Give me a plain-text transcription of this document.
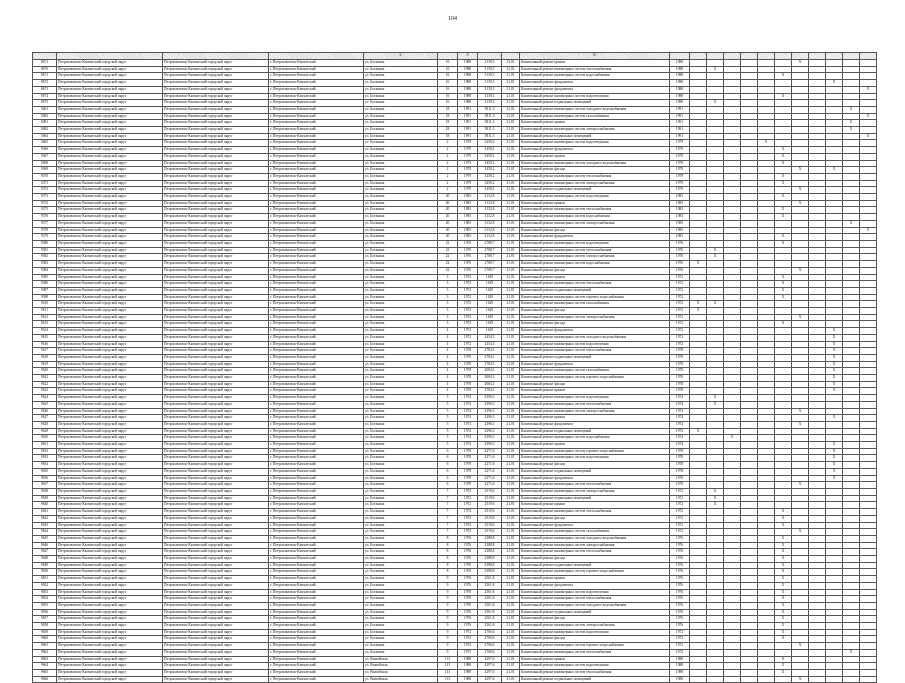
104
				4		8			10												
8671	Петропавловск-Камчатский городской округ	Петропавловск-Камчатский городской округ	г. Петропавловск-Камчатский	ул. Ботаника	16	1988	3139,3	21,01	Капитальный ремонт крыши	1988							X				
8670	Петропавловск-Камчатский городской округ	Петропавловск-Камчатский городской округ	г. Петропавловск-Камчатский	ул. Ботаника	16	1988	3139,3	21,01	Капитальный ремонт инженерных систем теплоснабжения	1988		X									
8671	Петропавловск-Камчатский городской округ	Петропавловск-Камчатский городской округ	г. Петропавловск-Камчатский	ул. Ботаника	16	1988	3139,3	21,01	Капитальный ремонт инженерных систем водоснабжения	1988						X					
8672	Петропавловск-Камчатский городской округ	Петропавловск-Камчатский городской округ	г. Петропавловск-Камчатский	ул. Ботаника	16	1988	3139,3	21,01	Капитальный ремонт фундамента	1988									X		
8673	Петропавловск-Камчатский городской округ	Петропавловск-Камчатский городской округ	г. Петропавловск-Камчатский	ул. Ботаника	16	1988	3139,3	21,01	Капитальный ремонт фундамента	1988											X
8674	Петропавловск-Камчатский городской округ	Петропавловск-Камчатский городской округ	г. Петропавловск-Камчатский	ул. Ботаника	16	1988	3139,3	21,01	Капитальный ремонт инженерных систем водоотведения	1988						X					
8675	Петропавловск-Камчатский городской округ	Петропавловск-Камчатский городской округ	г. Петропавловск-Камчатский	ул. Ботаника	16	1988	3139,3	21,01	Капитальный ремонт подвальных помещений	1988		X									
5601	Петропавловск-Камчатский городской округ	Петропавловск-Камчатский городской округ	г. Петропавловск-Камчатский	ул. Ботаника	18	1991	5811,3	21,01	Капитальный ремонт инженерных систем холодного водоснабжения	1991										X	
5603	Петропавловск-Камчатский городской округ	Петропавловск-Камчатский городской округ	г. Петропавловск-Камчатский	ул. Ботаника	18	1991	5811,3	21,01	Капитальный ремонт инженерных систем газоснабжения	1991											X
9481	Петропавловск-Камчатский городской округ	Петропавловск-Камчатский городской округ	г. Петропавловск-Камчатский	ул. Ботаника	18	1991	5811,3	21,01	Капитальный ремонт крыши	1991										X	
9482	Петропавловск-Камчатский городской округ	Петропавловск-Камчатский городской округ	г. Петропавловск-Камчатский	ул. Ботаника	18	1991	5811,3	21,01	Капитальный ремонт инженерных систем электроснабжения	1991										X	
3664	Петропавловск-Камчатский городской округ	Петропавловск-Камчатский городской округ	г. Петропавловск-Камчатский	ул. Ботаника	18	1991	5811,3	21,01	Капитальный ремонт подвальных помещений	1991											X
3665	Петропавловск-Камчатский городской округ	Петропавловск-Камчатский городской округ	г. Петропавловск-Камчатский	ул. Ботаника	2	1979	3458,2	21,01	Капитальный ремонт инженерных систем водоотведения	1979					X						
9366	Петропавловск-Камчатский городской округ	Петропавловск-Камчатский городской округ	г. Петропавловск-Камчатский	ул. Ботаника	2	1979	3458,2	21,01	Капитальный ремонт фундамента	1979						X					
9367	Петропавловск-Камчатский городской округ	Петропавловск-Камчатский городской округ	г. Петропавловск-Камчатский	ул. Ботаника	2	1979	3458,2	21,01	Капитальный ремонт крыши	1979						X					
9368	Петропавловск-Камчатский городской округ	Петропавловск-Камчатский городской округ	г. Петропавловск-Камчатский	ул. Ботаника	2	1979	3458,2	21,01	Капитальный ремонт инженерных систем холодного водоснабжения	1979						X					
9369	Петропавловск-Камчатский городской округ	Петропавловск-Камчатский городской округ	г. Петропавловск-Камчатский	ул. Ботаника	2	1979	3458,2	21,01	Капитальный ремонт фасада	1979							X		X		
9370	Петропавловск-Камчатский городской округ	Петропавловск-Камчатский городской округ	г. Петропавловск-Камчатский	ул. Ботаника	2	1979	3458,2	21,01	Капитальный ремонт инженерных систем теплоснабжения	1979						X					
3371	Петропавловск-Камчатский городской округ	Петропавловск-Камчатский городской округ	г. Петропавловск-Камчатский	ул. Ботаника	2	1979	3458,2	21,01	Капитальный ремонт инженерных систем электроснабжения	1979						X					
9372	Петропавловск-Камчатский городской округ	Петропавловск-Камчатский городской округ	г. Петропавловск-Камчатский	ул. Ботаника	2	1979	3458,2	21,01	Капитальный ремонт подвальных помещений	1979							X				
9373	Петропавловск-Камчатский городской округ	Петропавловск-Камчатский городской округ	г. Петропавловск-Камчатский	ул. Ботаника	20	1983	3132,8	21,01	Капитальный ремонт инженерных систем водоотведения	1983						X					
9374	Петропавловск-Камчатский городской округ	Петропавловск-Камчатский городской округ	г. Петропавловск-Камчатский	ул. Ботаника	20	1983	3132,8	21,01	Капитальный ремонт крыши	1983							X				
9375	Петропавловск-Камчатский городской округ	Петропавловск-Камчатский городской округ	г. Петропавловск-Камчатский	ул. Ботаника	20	1983	3132,8	21,01	Капитальный ремонт инженерных систем теплоснабжения	1983						X					
9376	Петропавловск-Камчатский городской округ	Петропавловск-Камчатский городской округ	г. Петропавловск-Камчатский	ул. Ботаника	20	1983	3132,8	21,01	Капитальный ремонт инженерных систем водоснабжения	1983						X					
9377	Петропавловск-Камчатский городской округ	Петропавловск-Камчатский городской округ	г. Петропавловск-Камчатский	ул. Ботаника	20	1983	3132,8	21,01	Капитальный ремонт инженерных систем электроснабжения	1983										X	
9378	Петропавловск-Камчатский городской округ	Петропавловск-Камчатский городской округ	г. Петропавловск-Камчатский	ул. Ботаника	20	1983	3132,8	21,01	Капитальный ремонт фасада	1983											X
9379	Петропавловск-Камчатский городской округ	Петропавловск-Камчатский городской округ	г. Петропавловск-Камчатский	ул. Ботаника	20	1983	3132,8	21,01	Капитальный ремонт фундамента	1983						X					
9380	Петропавловск-Камчатский городской округ	Петропавловск-Камчатский городской округ	г. Петропавловск-Камчатский	ул. Ботаника	22	1976	2788,7	21,01	Капитальный ремонт инженерных систем водоотведения	1976						X					
9381	Петропавловск-Камчатский городской округ	Петропавловск-Камчатский городской округ	г. Петропавловск-Камчатский	ул. Ботаника	22	1976	2788,7	21,01	Капитальный ремонт инженерных систем теплоснабжения	1976		X									
9382	Петропавловск-Камчатский городской округ	Петропавловск-Камчатский городской округ	г. Петропавловск-Камчатский	ул. Ботаника	22	1976	2788,7	21,01	Капитальный ремонт инженерных систем электроснабжения	1976		X									
9383	Петропавловск-Камчатский городской округ	Петропавловск-Камчатский городской округ	г. Петропавловск-Камчатский	ул. Ботаника	22	1976	2788,7	21,01	Капитальный ремонт инженерных систем водоснабжения	1976	X										
9384	Петропавловск-Камчатский городской округ	Петропавловск-Камчатский городской округ	г. Петропавловск-Камчатский	ул. Ботаника	22	1976	2788,7	21,01	Капитальный ремонт фасада	1976							X				
9385	Петропавловск-Камчатский городской округ	Петропавловск-Камчатский городской округ	г. Петропавловск-Камчатский	ул. Ботаника	3	1972	1629	21,01	Капитальный ремонт крыши	1972						X					
9386	Петропавловск-Камчатский городской округ	Петропавловск-Камчатский городской округ	г. Петропавловск-Камчатский	ул. Ботаника	3	1972	1629	21,01	Капитальный ремонт инженерных систем теплоснабжения	1972						X					
9387	Петропавловск-Камчатский городской округ	Петропавловск-Камчатский городской округ	г. Петропавловск-Камчатский	ул. Ботаника	3	1972	1629	21,01	Капитальный ремонт подвальных помещений	1972						X					
9388	Петропавловск-Камчатский городской округ	Петропавловск-Камчатский городской округ	г. Петропавловск-Камчатский	ул. Ботаника	3	1972	1629	21,01	Капитальный ремонт инженерных систем горячего водоснабжения	1972						X					
9610	Петропавловск-Камчатский городской округ	Петропавловск-Камчатский городской округ	г. Петропавловск-Камчатский	ул. Ботаника	3	1972	1629	21,01	Капитальный ремонт инженерных систем газоснабжения	1972	X	X									
9611	Петропавловск-Камчатский городской округ	Петропавловск-Камчатский городской округ	г. Петропавловск-Камчатский	ул. Ботаника	3	1972	1629	21,01	Капитальный ремонт фасада	1972	X										
9612	Петропавловск-Камчатский городской округ	Петропавловск-Камчатский городской округ	г. Петропавловск-Камчатский	ул. Ботаника	3	1972	1629	21,01	Капитальный ремонт инженерных систем электроснабжения	1972							X				
9613	Петропавловск-Камчатский городской округ	Петропавловск-Камчатский городской округ	г. Петропавловск-Камчатский	ул. Ботаника	3	1972	1629	21,01	Капитальный ремонт фасада	1972						X					
9614	Петропавловск-Камчатский городской округ	Петропавловск-Камчатский городской округ	г. Петропавловск-Камчатский	ул. Ботаника	4	1972	1629	21,01	Капитальный ремонт фундамента	1972									X		
9615	Петропавловск-Камчатский городской округ	Петропавловск-Камчатский городской округ	г. Петропавловск-Камчатский	ул. Ботаника	4	1972	2454,3	21,01	Капитальный ремонт инженерных систем холодного водоснабжения	1972									X		
9616	Петропавловск-Камчатский городской округ	Петропавловск-Камчатский городской округ	г. Петропавловск-Камчатский	ул. Ботаника	4	1972	2454,3	21,01	Капитальный ремонт инженерных систем водоотведения	1972									X		
9617	Петропавловск-Камчатский городской округ	Петропавловск-Камчатский городской округ	г. Петропавловск-Камчатский	ул. Ботаника	4	1978	2784,3	21,01	Капитальный ремонт инженерных систем теплоснабжения	1978									X		
9618	Петропавловск-Камчатский городской округ	Петропавловск-Камчатский городской округ	г. Петропавловск-Камчатский	ул. Ботаника	4	1978	2784,3	21,01	Капитальный ремонт подвальных помещений	1978									X		
9619	Петропавловск-Камчатский городской округ	Петропавловск-Камчатский городской округ	г. Петропавловск-Камчатский	ул. Ботаника	4	1978	2784,3	21,01	Капитальный ремонт фундамента	1978									X		
9620	Петропавловск-Камчатский городской округ	Петропавловск-Камчатский городской округ	г. Петропавловск-Камчатский	ул. Ботаника	4	1978	2084,3	21,01	Капитальный ремонт инженерных систем газоснабжения	1978									X		
9621	Петропавловск-Камчатский городской округ	Петропавловск-Камчатский городской округ	г. Петропавловск-Камчатский	ул. Ботаника	4	1978	2084,3	21,01	Капитальный ремонт инженерных систем горячего водоснабжения	1978									X		
9622	Петропавловск-Камчатский городской округ	Петропавловск-Камчатский городской округ	г. Петропавловск-Камчатский	ул. Ботаника	4	1978	2084,3	21,01	Капитальный ремонт фасада	1978									X		
9623	Петропавловск-Камчатский городской округ	Петропавловск-Камчатский городской округ	г. Петропавловск-Камчатский	ул. Ботаника	4	1978	2784,3	21,01	Капитальный ремонт крыши	1978									X		
9624	Петропавловск-Камчатский городской округ	Петропавловск-Камчатский городской округ	г. Петропавловск-Камчатский	ул. Ботаника	5	1974	2396,3	21,01	Капитальный ремонт инженерных систем водоотведения	1974		X									
9625	Петропавловск-Камчатский городской округ	Петропавловск-Камчатский городской округ	г. Петропавловск-Камчатский	ул. Ботаника	5	1974	2396,3	21,01	Капитальный ремонт инженерных систем теплоснабжения	1974		X									
9626	Петропавловск-Камчатский городской округ	Петропавловск-Камчатский городской округ	г. Петропавловск-Камчатский	ул. Ботаника	5	1974	2396,3	21,01	Капитальный ремонт инженерных систем электроснабжения	1974							X				
9627	Петропавловск-Камчатский городской округ	Петропавловск-Камчатский городской округ	г. Петропавловск-Камчатский	ул. Ботаника	5	1974	2396,3	21,01	Капитальный ремонт крыши	1974									X		
9628	Петропавловск-Камчатский городской округ	Петропавловск-Камчатский городской округ	г. Петропавловск-Камчатский	ул. Ботаника	5	1974	2396,3	21,01	Капитальный ремонт фундамента	1974							X				
9629	Петропавловск-Камчатский городской округ	Петропавловск-Камчатский городской округ	г. Петропавловск-Камчатский	ул. Ботаника	5	1974	2396,3	21,01	Капитальный ремонт подвальных помещений	1974	X										
9630	Петропавловск-Камчатский городской округ	Петропавловск-Камчатский городской округ	г. Петропавловск-Камчатский	ул. Ботаника	5	1974	2396,3	21,01	Капитальный ремонт инженерных систем водоснабжения	1974			X								
9631	Петропавловск-Камчатский городской округ	Петропавловск-Камчатский городской округ	г. Петропавловск-Камчатский	ул. Ботаника	5	1974	2396,3	21,01	Капитальный ремонт крыши	1974									X		
9632	Петропавловск-Камчатский городской округ	Петропавловск-Камчатский городской округ	г. Петропавловск-Камчатский	ул. Ботаника	6	1978	2271,6	21,01	Капитальный ремонт инженерных систем горячего водоснабжения	1978									X		
9633	Петропавловск-Камчатский городской округ	Петропавловск-Камчатский городской округ	г. Петропавловск-Камчатский	ул. Ботаника	6	1978	2271,6	21,01	Капитальный ремонт инженерных систем водоотведения	1978									X		
9634	Петропавловск-Камчатский городской округ	Петропавловск-Камчатский городской округ	г. Петропавловск-Камчатский	ул. Ботаника	6	1978	2271,6	21,01	Капитальный ремонт фасада	1978									X		
9635	Петропавловск-Камчатский городской округ	Петропавловск-Камчатский городской округ	г. Петропавловск-Камчатский	ул. Ботаника	6	1978	2271,6	21,01	Капитальный ремонт подвальных помещений	1978									X		
9636	Петропавловск-Камчатский городской округ	Петропавловск-Камчатский городской округ	г. Петропавловск-Камчатский	ул. Ботаника	6	1978	2271,6	21,01	Капитальный ремонт фундамента	1978									X		
9637	Петропавловск-Камчатский городской округ	Петропавловск-Камчатский городской округ	г. Петропавловск-Камчатский	ул. Ботаника	6	1978	2271,6	21,01	Капитальный ремонт инженерных систем теплоснабжения	1978							X				
9638	Петропавловск-Камчатский городской округ	Петропавловск-Камчатский городской округ	г. Петропавловск-Камчатский	ул. Ботаника	7	1972	2519,6	21,01	Капитальный ремонт инженерных систем электроснабжения	1972		X									
9639	Петропавловск-Камчатский городской округ	Петропавловск-Камчатский городской округ	г. Петропавловск-Камчатский	ул. Ботаника	7	1972	2519,6	21,01	Капитальный ремонт подвальных помещений	1972		X									
9640	Петропавловск-Камчатский городской округ	Петропавловск-Камчатский городской округ	г. Петропавловск-Камчатский	ул. Ботаника	7	1972	2519,6	21,01	Капитальный ремонт крыши	1972		X									
9641	Петропавловск-Камчатский городской округ	Петропавловск-Камчатский городской округ	г. Петропавловск-Камчатский	ул. Ботаника	7	1972	2519,6	21,01	Капитальный ремонт инженерных систем теплоснабжения	1972						X					
9642	Петропавловск-Камчатский городской округ	Петропавловск-Камчатский городской округ	г. Петропавловск-Камчатский	ул. Ботаника	7	1972	2519,6	21,01	Капитальный ремонт фасада	1972						X					
9643	Петропавловск-Камчатский городской округ	Петропавловск-Камчатский городской округ	г. Петропавловск-Камчатский	ул. Ботаника	7	1972	2519,6	21,01	Капитальный ремонт фундамента	1972						X					
9644	Петропавловск-Камчатский городской округ	Петропавловск-Камчатский городской округ	г. Петропавловск-Камчатский	ул. Ботаника	7	1972	2519,6	21,01	Капитальный ремонт инженерных систем газоснабжения	1972							X				
9645	Петропавловск-Камчатский городской округ	Петропавловск-Камчатский городской округ	г. Петропавловск-Камчатский	ул. Ботаника	8	1976	2388,8	21,01	Капитальный ремонт инженерных систем холодного водоснабжения	1976						X					
9646	Петропавловск-Камчатский городской округ	Петропавловск-Камчатский городской округ	г. Петропавловск-Камчатский	ул. Ботаника	8	1976	2388,8	21,01	Капитальный ремонт инженерных систем электроснабжения	1976						X					
9647	Петропавловск-Камчатский городской округ	Петропавловск-Камчатский городской округ	г. Петропавловск-Камчатский	ул. Ботаника	8	1976	2388,8	21,01	Капитальный ремонт инженерных систем теплоснабжения	1976						X					
9648	Петропавловск-Камчатский городской округ	Петропавловск-Камчатский городской округ	г. Петропавловск-Камчатский	ул. Ботаника	8	1976	2388,8	21,01	Капитальный ремонт фасада	1976						X					
9649	Петропавловск-Камчатский городской округ	Петропавловск-Камчатский городской округ	г. Петропавловск-Камчатский	ул. Ботаника	8	1976	2388,8	21,01	Капитальный ремонт подвальных помещений	1976						X					
9650	Петропавловск-Камчатский городской округ	Петропавловск-Камчатский городской округ	г. Петропавловск-Камчатский	ул. Ботаника	8	1976	2388,8	21,01	Капитальный ремонт инженерных систем горячего водоснабжения	1976						X					
9651	Петропавловск-Камчатский городской округ	Петропавловск-Камчатский городской округ	г. Петропавловск-Камчатский	ул. Ботаника	9	1976	2561,8	21,01	Капитальный ремонт крыши	1976						X					
9652	Петропавловск-Камчатский городской округ	Петропавловск-Камчатский городской округ	г. Петропавловск-Камчатский	ул. Ботаника	9	1976	2561,8	21,01	Капитальный ремонт фундамента	1976						X					
9653	Петропавловск-Камчатский городской округ	Петропавловск-Камчатский городской округ	г. Петропавловск-Камчатский	ул. Ботаника	9	1976	2561,8	21,01	Капитальный ремонт инженерных систем водоотведения	1976						X					
9654	Петропавловск-Камчатский городской округ	Петропавловск-Камчатский городской округ	г. Петропавловск-Камчатский	ул. Ботаника	9	1976	2561,8	21,01	Капитальный ремонт инженерных систем теплоснабжения	1976						X					
9655	Петропавловск-Камчатский городской округ	Петропавловск-Камчатский городской округ	г. Петропавловск-Камчатский	ул. Ботаника	9	1976	2561,8	21,01	Капитальный ремонт инженерных систем холодного водоснабжения	1976						X					
9656	Петропавловск-Камчатский городской округ	Петропавловск-Камчатский городской округ	г. Петропавловск-Камчатский	ул. Ботаника	9	1976	2561,8	21,01	Капитальный ремонт подвальных помещений	1976						X					
9657	Петропавловск-Камчатский городской округ	Петропавловск-Камчатский городской округ	г. Петропавловск-Камчатский	ул. Ботаника	9	1976	2561,8	21,01	Капитальный ремонт фасада	1976						X					
9658	Петропавловск-Камчатский городской округ	Петропавловск-Камчатский городской округ	г. Петропавловск-Камчатский	ул. Ботаника	9	1976	2561,8	21,01	Капитальный ремонт инженерных систем электроснабжения	1976						X					
9659	Петропавловск-Камчатский городской округ	Петропавловск-Камчатский городской округ	г. Петропавловск-Камчатский	ул. Ботаника	9	1972	2706,6	21,01	Капитальный ремонт инженерных систем водоотведения	1972						X					
9660	Петропавловск-Камчатский городской округ	Петропавловск-Камчатский городской округ	г. Петропавловск-Камчатский	ул. Ботаника	9	1972	2706,6	21,01	Капитальный ремонт фасада	1972						X					
9661	Петропавловск-Камчатский городской округ	Петропавловск-Камчатский городской округ	г. Петропавловск-Камчатский	ул. Ботаника	9	1972	2706,6	21,01	Капитальный ремонт инженерных систем горячего водоснабжения	1972							X				
9662	Петропавловск-Камчатский городской округ	Петропавловск-Камчатский городской округ	г. Петропавловск-Камчатский	ул. Ботаника	9	1972	2706,6	21,01	Капитальный ремонт инженерных систем теплоснабжения	1972										X	
9663	Петропавловск-Камчатский городской округ	Петропавловск-Камчатский городской округ	г. Петропавловск-Камчатский	ул. Вилюйская	113	1988	4297,6	21,01	Капитальный ремонт крыши	1988						X					
9664	Петропавловск-Камчатский городской округ	Петропавловск-Камчатский городской округ	г. Петропавловск-Камчатский	ул. Вилюйская	113	1988	4297,6	21,01	Капитальный ремонт инженерных систем водоотведения	1988						X					
9665	Петропавловск-Камчатский городской округ	Петропавловск-Камчатский городской округ	г. Петропавловск-Камчатский	ул. Вилюйская	113	1988	4297,6	21,01	Капитальный ремонт инженерных систем теплоснабжения	1988						X					
9666	Петропавловск-Камчатский городской округ	Петропавловск-Камчатский городской округ	г. Петропавловск-Камчатский	ул. Вилюйская	113	1988	4297,6	21,01	Капитальный ремонт подвальных помещений	1988							X				
